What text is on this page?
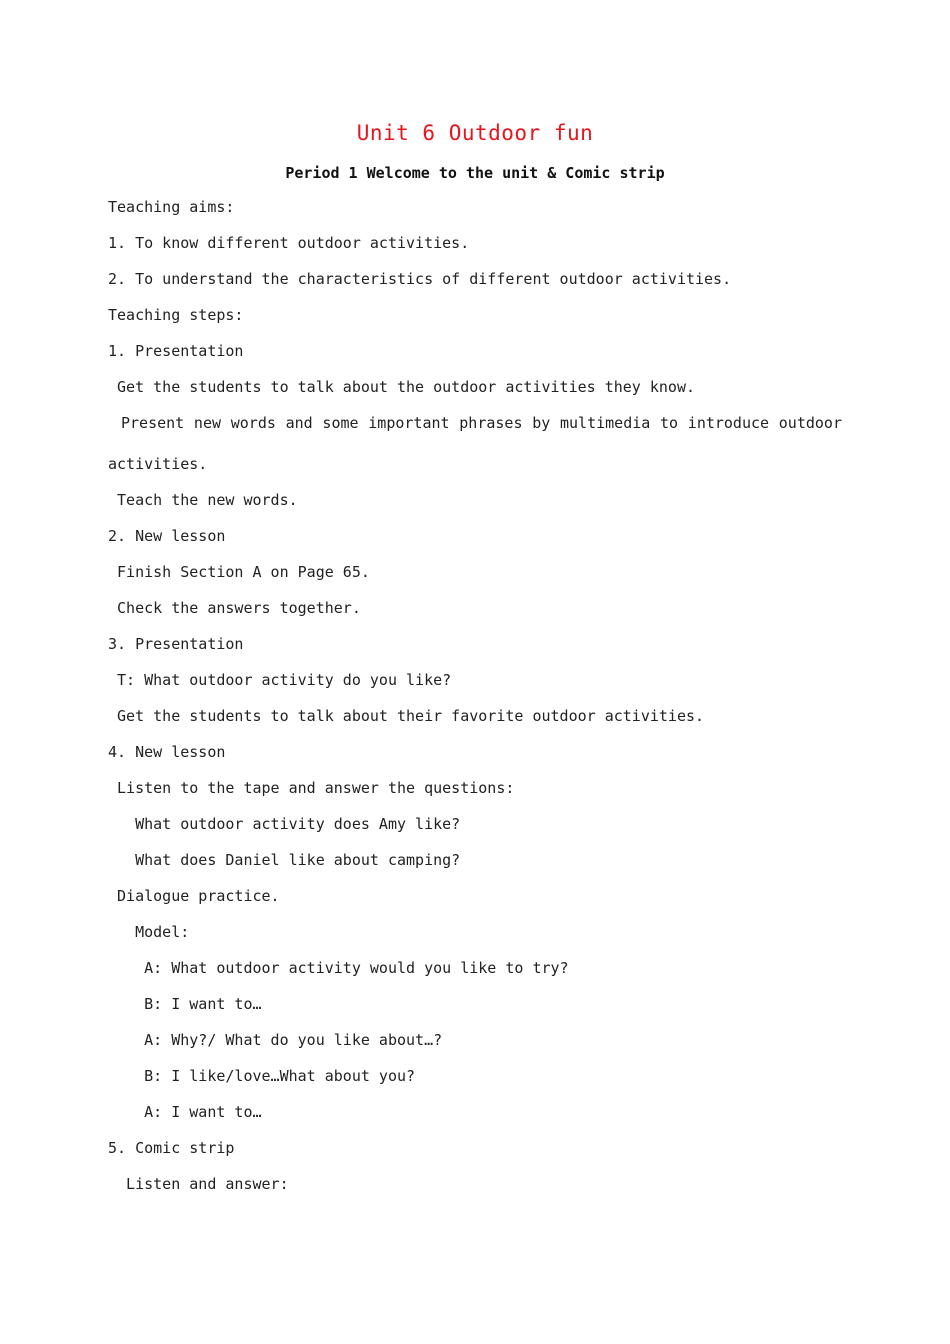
Unit 6 Outdoor fun
Period 1 Welcome to the unit & Comic strip
Teaching aims:
1. To know different outdoor activities.
2. To understand the characteristics of different outdoor activities.
Teaching steps:
1. Presentation
Get the students to talk about the outdoor activities they know.
Present new words and some important phrases by multimedia to introduce outdoor
activities.
Teach the new words.
2. New lesson
Finish Section A on Page 65.
Check the answers together.
3. Presentation
T: What outdoor activity do you like?
Get the students to talk about their favorite outdoor activities.
4. New lesson
Listen to the tape and answer the questions:
What outdoor activity does Amy like?
What does Daniel like about camping?
Dialogue practice.
Model:
A: What outdoor activity would you like to try?
B: I want to…
A: Why?/ What do you like about…?
B: I like/love…What about you?
A: I want to…
5. Comic strip
Listen and answer:
